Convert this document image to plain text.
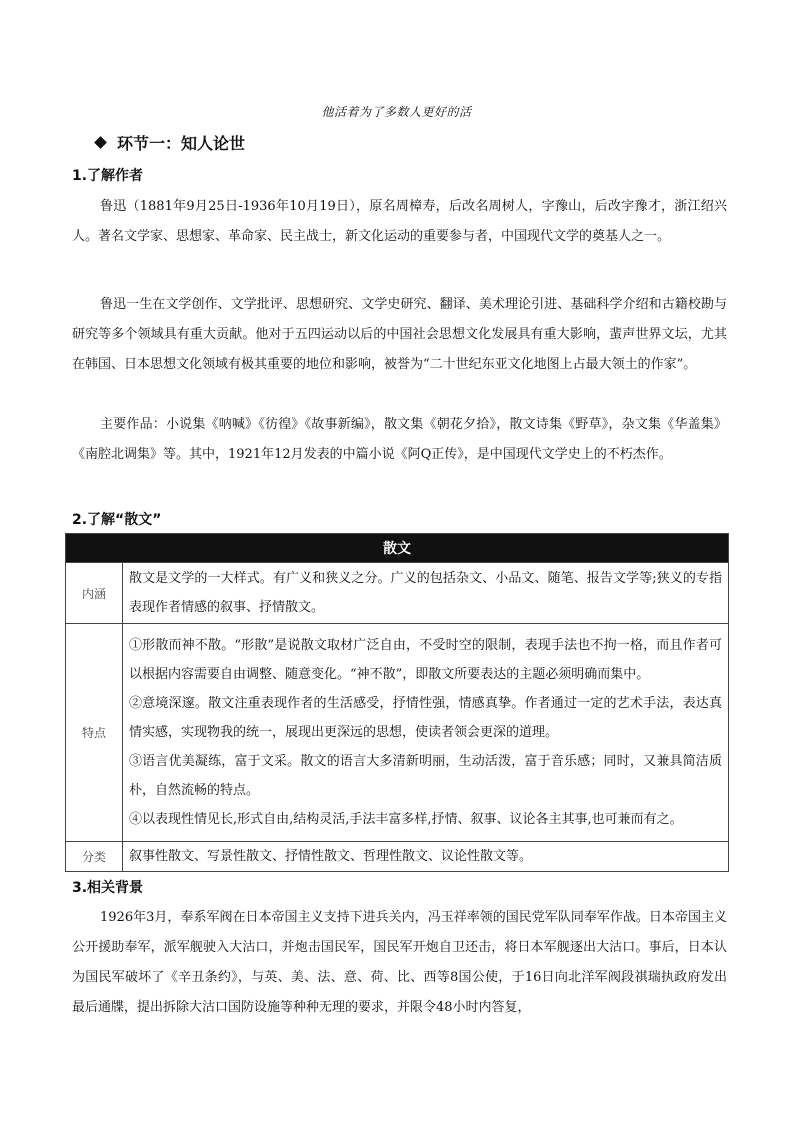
他活着为了多数人更好的活
环节一：知人论世
1.了解作者
鲁迅（1881年9月25日-1936年10月19日），原名周樟寿，后改名周树人，字豫山，后改字豫才，浙江绍兴人。著名文学家、思想家、革命家、民主战士，新文化运动的重要参与者，中国现代文学的奠基人之一。
鲁迅一生在文学创作、文学批评、思想研究、文学史研究、翻译、美术理论引进、基础科学介绍和古籍校勘与研究等多个领域具有重大贡献。他对于五四运动以后的中国社会思想文化发展具有重大影响，蜚声世界文坛，尤其在韩国、日本思想文化领域有极其重要的地位和影响，被誉为“二十世纪东亚文化地图上占最大领土的作家”。
主要作品：小说集《呐喊》《彷徨》《故事新编》，散文集《朝花夕拾》，散文诗集《野草》，杂文集《华盖集》《南腔北调集》等。其中，1921年12月发表的中篇小说《阿Q正传》，是中国现代文学史上的不朽杰作。
2.了解“散文”
散文	
内涵	散文是文学的一大样式。有广义和狭义之分。广义的包括杂文、小品文、随笔、报告文学等;狭义的专指表现作者情感的叙事、抒情散文。
特点	①形散而神不散。“形散”是说散文取材广泛自由，不受时空的限制，表现手法也不拘一格，而且作者可以根据内容需要自由调整、随意变化。“神不散”，即散文所要表达的主题必须明确而集中。

②意境深邃。散文注重表现作者的生活感受，抒情性强，情感真挚。作者通过一定的艺术手法，表达真情实感，实现物我的统一，展现出更深远的思想，使读者领会更深的道理。

③语言优美凝练，富于文采。散文的语言大多清新明丽，生动活泼，富于音乐感；同时，又兼具简洁质朴，自然流畅的特点。

④以表现性情见长,形式自由,结构灵活,手法丰富多样,抒情、叙事、议论各主其事,也可兼而有之。

分类	叙事性散文、写景性散文、抒情性散文、哲理性散文、议论性散文等。
3.相关背景
1926年3月，奉系军阀在日本帝国主义支持下进兵关内，冯玉祥率领的国民党军队同奉军作战。日本帝国主义公开援助奉军，派军舰驶入大沽口，并炮击国民军，国民军开炮自卫还击，将日本军舰逐出大沽口。事后，日本认为国民军破坏了《辛丑条约》，与英、美、法、意、荷、比、西等8国公使，于16日向北洋军阀段祺瑞执政府发出最后通牒，提出拆除大沽口国防设施等种种无理的要求，并限令48小时内答复，
